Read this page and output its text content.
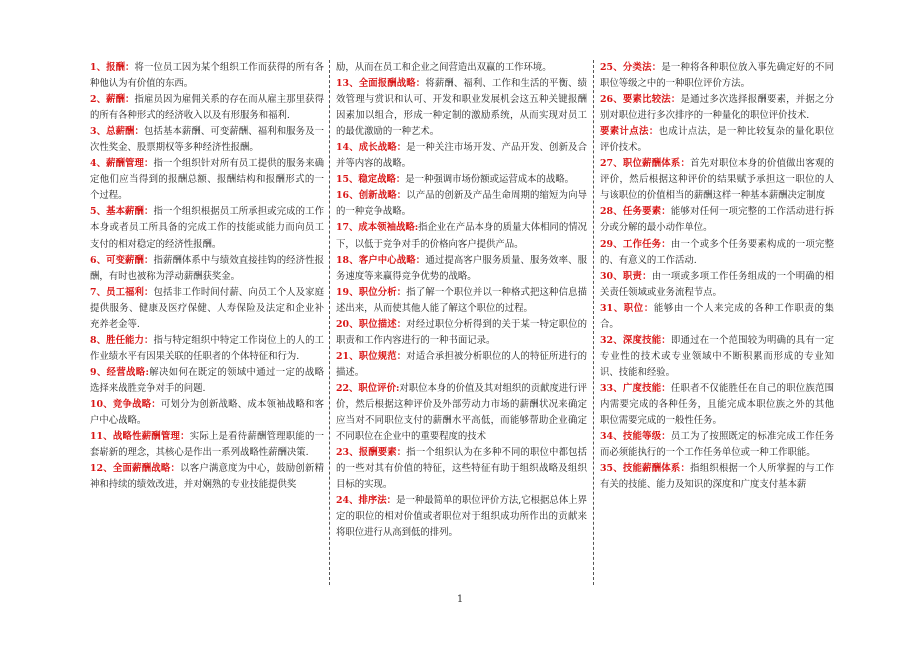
1、报酬：将一位员工因为某个组织工作而获得的所有各种他认为有价值的东西。

2、薪酬：指雇员因为雇佣关系的存在而从雇主那里获得的所有各种形式的经济收入以及有形服务和福利.

3、总薪酬：包括基本薪酬、可变薪酬、福利和服务及一次性奖金、股票期权等多种经济性报酬。

4、薪酬管理：指一个组织针对所有员工提供的服务来确定他们应当得到的报酬总额、报酬结构和报酬形式的一个过程。

5、基本薪酬：指一个组织根据员工所承担或完成的工作本身或者员工所具备的完成工作的技能或能力而向员工支付的相对稳定的经济性报酬。

6、可变薪酬：指薪酬体系中与绩效直接挂钩的经济性报酬，有时也被称为浮动薪酬获奖金。

7、员工福利：包括非工作时间付薪、向员工个人及家庭提供服务、健康及医疗保健、人寿保险及法定和企业补充养老金等.

8、胜任能力：指与特定组织中特定工作岗位上的人的工作业绩水平有因果关联的任职者的个体特征和行为.

9、经营战略:解决如何在既定的领域中通过一定的战略选择来战胜竞争对手的问题.

10、竞争战略：可划分为创新战略、成本领袖战略和客户中心战略。

11、战略性薪酬管理：实际上是看待薪酬管理职能的一套崭新的理念，其核心是作出一系列战略性薪酬决策.

12、全面薪酬战略：以客户满意度为中心，鼓励创新精神和持续的绩效改进，并对娴熟的专业技能提供奖

励，从而在员工和企业之间营造出双赢的工作环境。

13、全面报酬战略：将薪酬、福利、工作和生活的平衡、绩效管理与赏识和认可、开发和职业发展机会这五种关键报酬因素加以组合，形成一种定制的激励系统，从而实现对员工的最优激励的一种艺术。

14、成长战略：是一种关注市场开发、产品开发、创新及合并等内容的战略。

15、稳定战略：是一种强调市场份额或运营成本的战略。

16、创新战略：以产品的创新及产品生命周期的缩短为向导的一种竞争战略。

17、成本领袖战略:指企业在产品本身的质量大体相同的情况下，以低于竞争对手的价格向客户提供产品。

18、客户中心战略：通过提高客户服务质量、服务效率、服务速度等来赢得竞争优势的战略。

19、职位分析：指了解一个职位并以一种格式把这种信息描述出来，从而使其他人能了解这个职位的过程。

20、职位描述：对经过职位分析得到的关于某一特定职位的职责和工作内容进行的一种书面记录。

21、职位规范：对适合承担被分析职位的人的特征所进行的描述。

22、职位评价:对职位本身的价值及其对组织的贡献度进行评价，然后根据这种评价及外部劳动力市场的薪酬状况来确定应当对不同职位支付的薪酬水平高低，而能够帮助企业确定不同职位在企业中的重要程度的技术

23、报酬要素：指一个组织认为在多种不同的职位中都包括的一些对其有价值的特征，这些特征有助于组织战略及组织目标的实现。

24、排序法：是一种最简单的职位评价方法,它根据总体上界定的职位的相对价值或者职位对于组织成功所作出的贡献来将职位进行从高到低的排列。

25、分类法：是一种将各种职位放入事先确定好的不同职位等级之中的一种职位评价方法。

26、要素比较法：是通过多次选择报酬要素，并据之分别对职位进行多次排序的一种量化的职位评价技术.

要素计点法：也成计点法，是一种比较复杂的量化职位评价技术。

27、职位薪酬体系：首先对职位本身的价值做出客观的评价，然后根据这种评价的结果赋予承担这一职位的人与该职位的价值相当的薪酬这样一种基本薪酬决定制度

28、任务要素：能够对任何一项完整的工作活动进行拆分或分解的最小动作单位。

29、工作任务：由一个或多个任务要素构成的一项完整的、有意义的工作活动.

30、职责：由一项或多项工作任务组成的一个明确的相关责任领域或业务流程节点。

31、职位：能够由一个人来完成的各种工作职责的集合。

32、深度技能：即通过在一个范围较为明确的具有一定专业性的技术或专业领域中不断积累而形成的专业知识、技能和经验。

33、广度技能：任职者不仅能胜任在自己的职位族范围内需要完成的各种任务，且能完成本职位族之外的其他职位需要完成的一般性任务。

34、技能等级：员工为了按照既定的标准完成工作任务而必须能执行的一个工作任务单位或一种工作职能。

35、技能薪酬体系：指组织根据一个人所掌握的与工作有关的技能、能力及知识的深度和广度支付基本薪

1
